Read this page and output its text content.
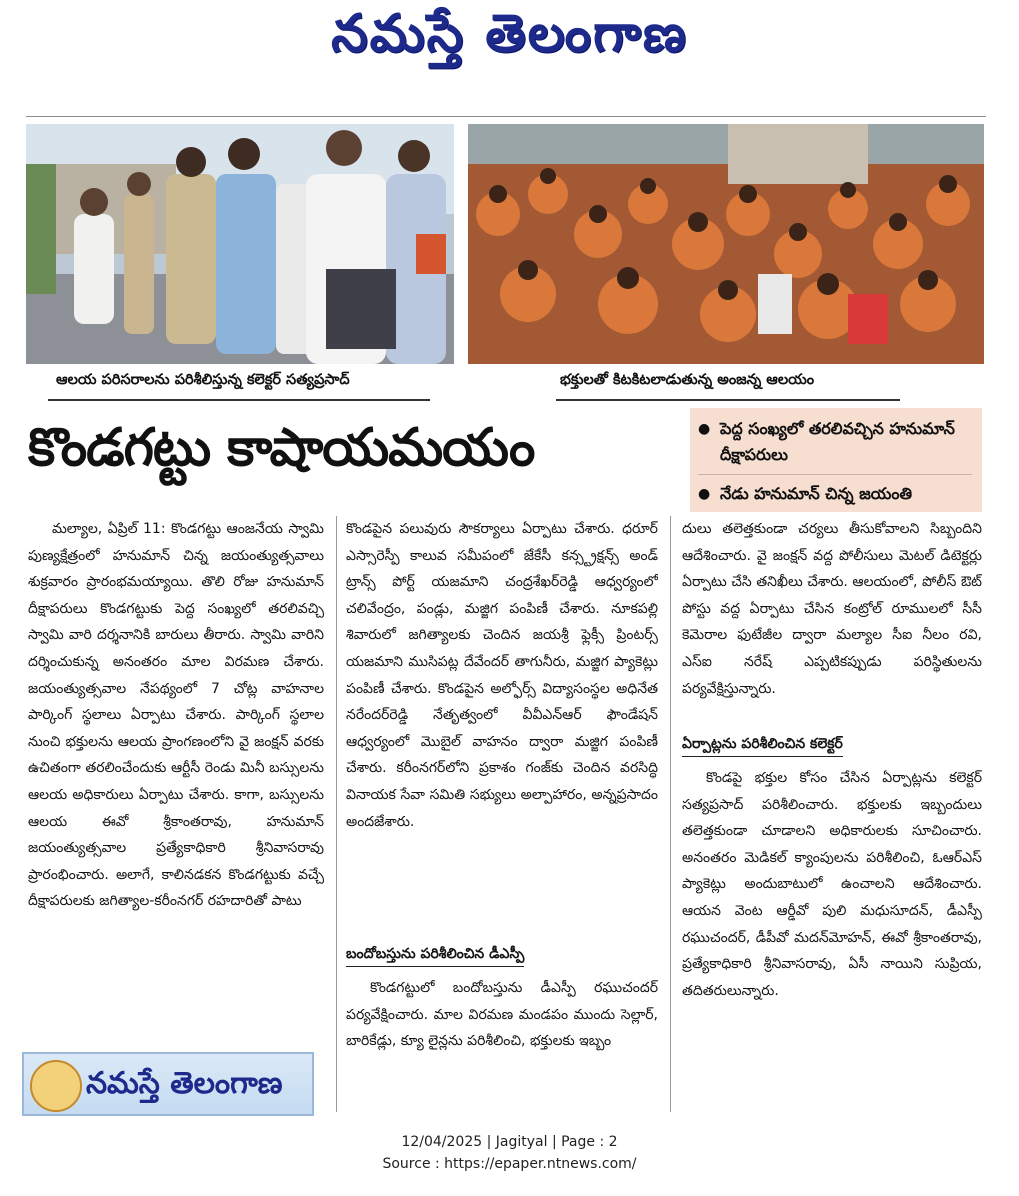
నమస్తే తెలంగాణ
ఆలయ పరిసరాలను పరిశీలిస్తున్న కలెక్టర్ సత్యప్రసాద్	భక్తులతో కిటకిటలాడుతున్న అంజన్న ఆలయం
కొండగట్టు కాషాయమయం	● పెద్ద సంఖ్యలో తరలివచ్చిన హనుమాన్ దీక్షాపరులు
● నేడు హనుమాన్ చిన్న జయంతి

మల్యాల, ఏప్రిల్ 11: కొండగట్టు ఆంజనేయ స్వామి పుణ్యక్షేత్రంలో హనుమాన్ చిన్న జయంత్యుత్సవాలు శుక్రవారం ప్రారంభమయ్యాయి. తొలి రోజు హనుమాన్ దీక్షాపరులు కొండగట్టుకు పెద్ద సంఖ్యలో తరలివచ్చి స్వామి వారి దర్శనానికి బారులు తీరారు. స్వామి వారిని దర్శించుకున్న అనంతరం మాల విరమణ చేశారు. జయంత్యుత్సవాల నేపథ్యంలో 7 చోట్ల వాహనాల పార్కింగ్ స్థలాలు ఏర్పాటు చేశారు. పార్కింగ్ స్థలాల నుంచి భక్తులను ఆలయ ప్రాంగణంలోని వై జంక్షన్ వరకు ఉచితంగా తరలించేందుకు ఆర్టీసీ రెండు మినీ బస్సులను ఆలయ అధికారులు ఏర్పాటు చేశారు. కాగా, బస్సులను ఆలయ ఈవో శ్రీకాంతరావు, హనుమాన్ జయంత్యుత్సవాల ప్రత్యేకాధికారి శ్రీనివాసరావు ప్రారంభించారు. అలాగే, కాలినడకన కొండగట్టుకు వచ్చే దీక్షాపరులకు జగిత్యాల-కరీంనగర్ రహదారితో పాటు

కొండపైన పలువురు సౌకర్యాలు ఏర్పాటు చేశారు. ధరూర్ ఎస్సారెస్పీ కాలువ సమీపంలో జేకేసీ కన్స్ట్రక్షన్స్ అండ్ ట్రాన్స్ పోర్ట్ యజమాని చంద్రశేఖర్‌రెడ్డి ఆధ్వర్యంలో చలివేంద్రం, పండ్లు, మజ్జిగ పంపిణీ చేశారు. నూకపల్లి శివారులో జగిత్యాలకు చెందిన జయశ్రీ ఫ్లెక్సీ ప్రింటర్స్ యజమాని ముసిపట్ల దేవేందర్ తాగునీరు, మజ్జిగ ప్యాకెట్లు పంపిణీ చేశారు. కొండపైన అల్ఫోర్స్ విద్యాసంస్థల అధినేత నరేందర్‌రెడ్డి నేతృత్వంలో వీవీఎన్ఆర్ ఫౌండేషన్ ఆధ్వర్యంలో మొబైల్ వాహనం ద్వారా మజ్జిగ పంపిణీ చేశారు. కరీంనగర్‌లోని ప్రకాశం గంజ్‌కు చెందిన వరసిద్ధి వినాయక సేవా సమితి సభ్యులు అల్పాహారం, అన్నప్రసాదం అందజేశారు.

బందోబస్తును పరిశీలించిన డీఎస్పీ

కొండగట్టులో బందోబస్తును డీఎస్పీ రఘుచందర్ పర్యవేక్షించారు. మాల విరమణ మండపం ముందు సెల్లార్, బారికేడ్లు, క్యూ లైన్లను పరిశీలించి, భక్తులకు ఇబ్బం

దులు తలెత్తకుండా చర్యలు తీసుకోవాలని సిబ్బందిని ఆదేశించారు. వై జంక్షన్ వద్ద పోలీసులు మెటల్ డిటెక్టర్లు ఏర్పాటు చేసి తనిఖీలు చేశారు. ఆలయంలో, పోలీస్ ఔట్ పోస్టు వద్ద ఏర్పాటు చేసిన కంట్రోల్ రూములలో సీసీ కెమెరాల ఫుటేజీల ద్వారా మల్యాల సీఐ నీలం రవి, ఎస్ఐ నరేష్ ఎప్పటికప్పుడు పరిస్థితులను పర్యవేక్షిస్తున్నారు.

ఏర్పాట్లను పరిశీలించిన కలెక్టర్

కొండపై భక్తుల కోసం చేసిన ఏర్పాట్లను కలెక్టర్ సత్యప్రసాద్ పరిశీలించారు. భక్తులకు ఇబ్బందులు తలెత్తకుండా చూడాలని అధికారులకు సూచించారు. అనంతరం మెడికల్ క్యాంపులను పరిశీలించి, ఓఆర్ఎస్ ప్యాకెట్లు అందుబాటులో ఉంచాలని ఆదేశించారు. ఆయన వెంట ఆర్డీవో పులి మధుసూదన్, డీఎస్పీ రఘుచందర్, డీపీవో మదన్‌మోహన్, ఈవో శ్రీకాంతరావు, ప్రత్యేకాధికారి శ్రీనివాసరావు, ఏసీ నాయిని సుప్రియ, తదితరులున్నారు.

నమస్తే తెలంగాణ
12/04/2025 | Jagityal | Page : 2
Source : https://epaper.ntnews.com/
